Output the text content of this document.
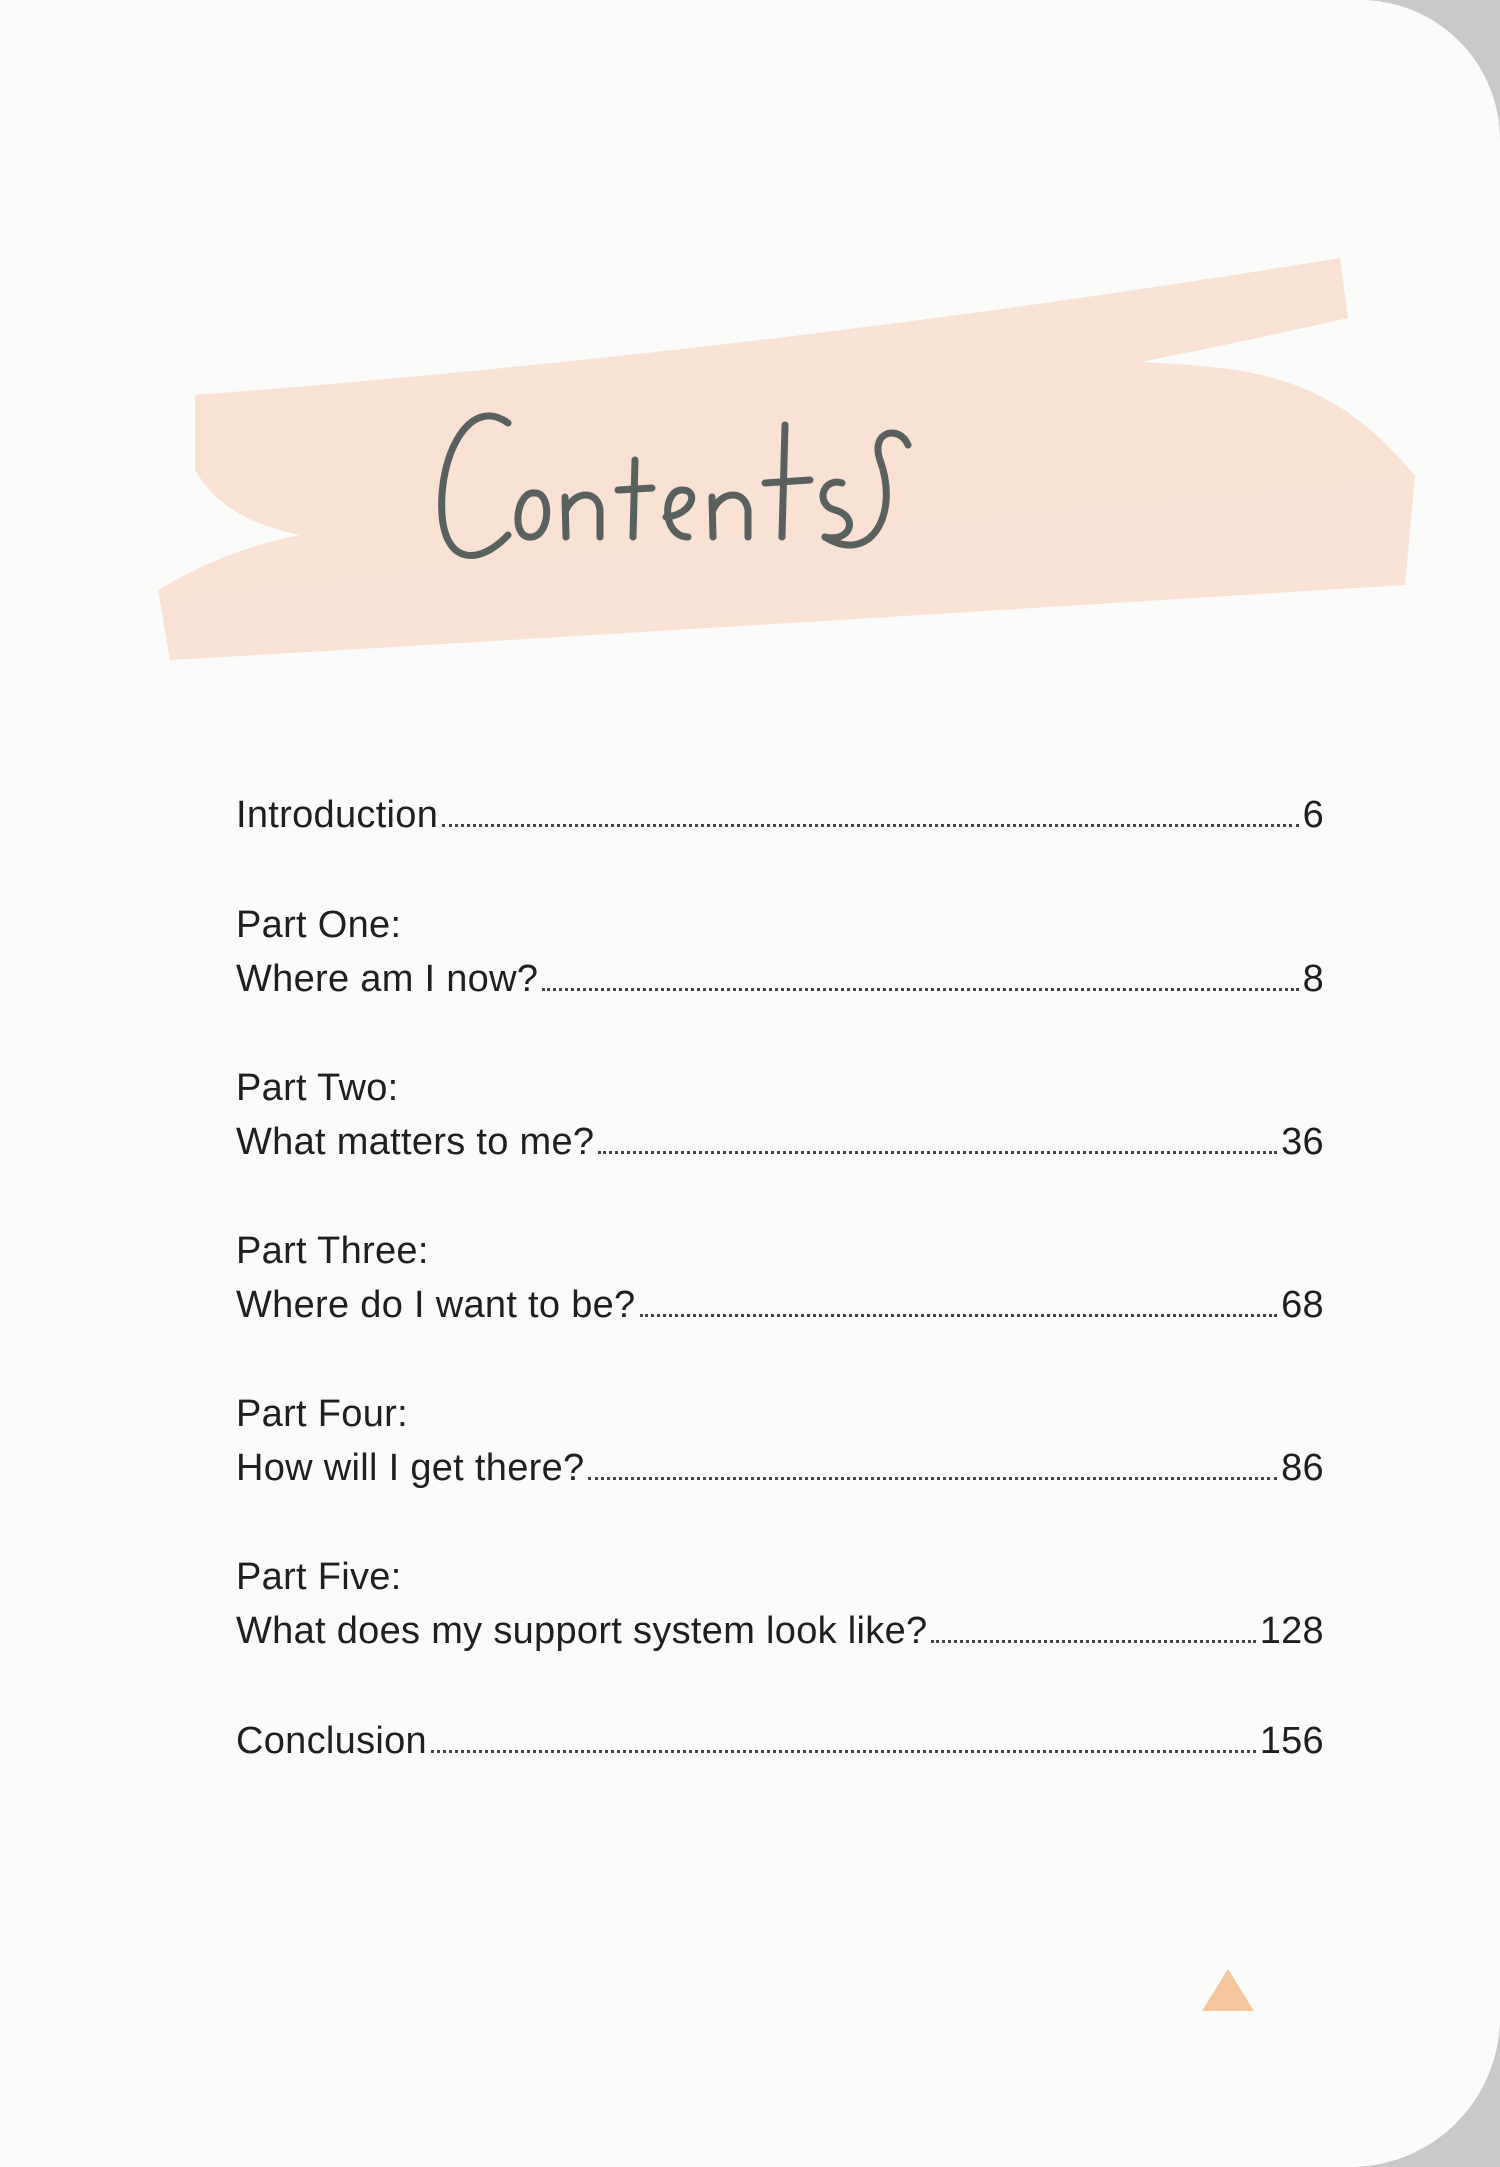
Contents
Introduction	6
Part One:
Where am I now?	8
Part Two:
What matters to me?	36
Part Three:
Where do I want to be?	68
Part Four:
How will I get there?	86
Part Five:
What does my support system look like?	128
Conclusion	156
